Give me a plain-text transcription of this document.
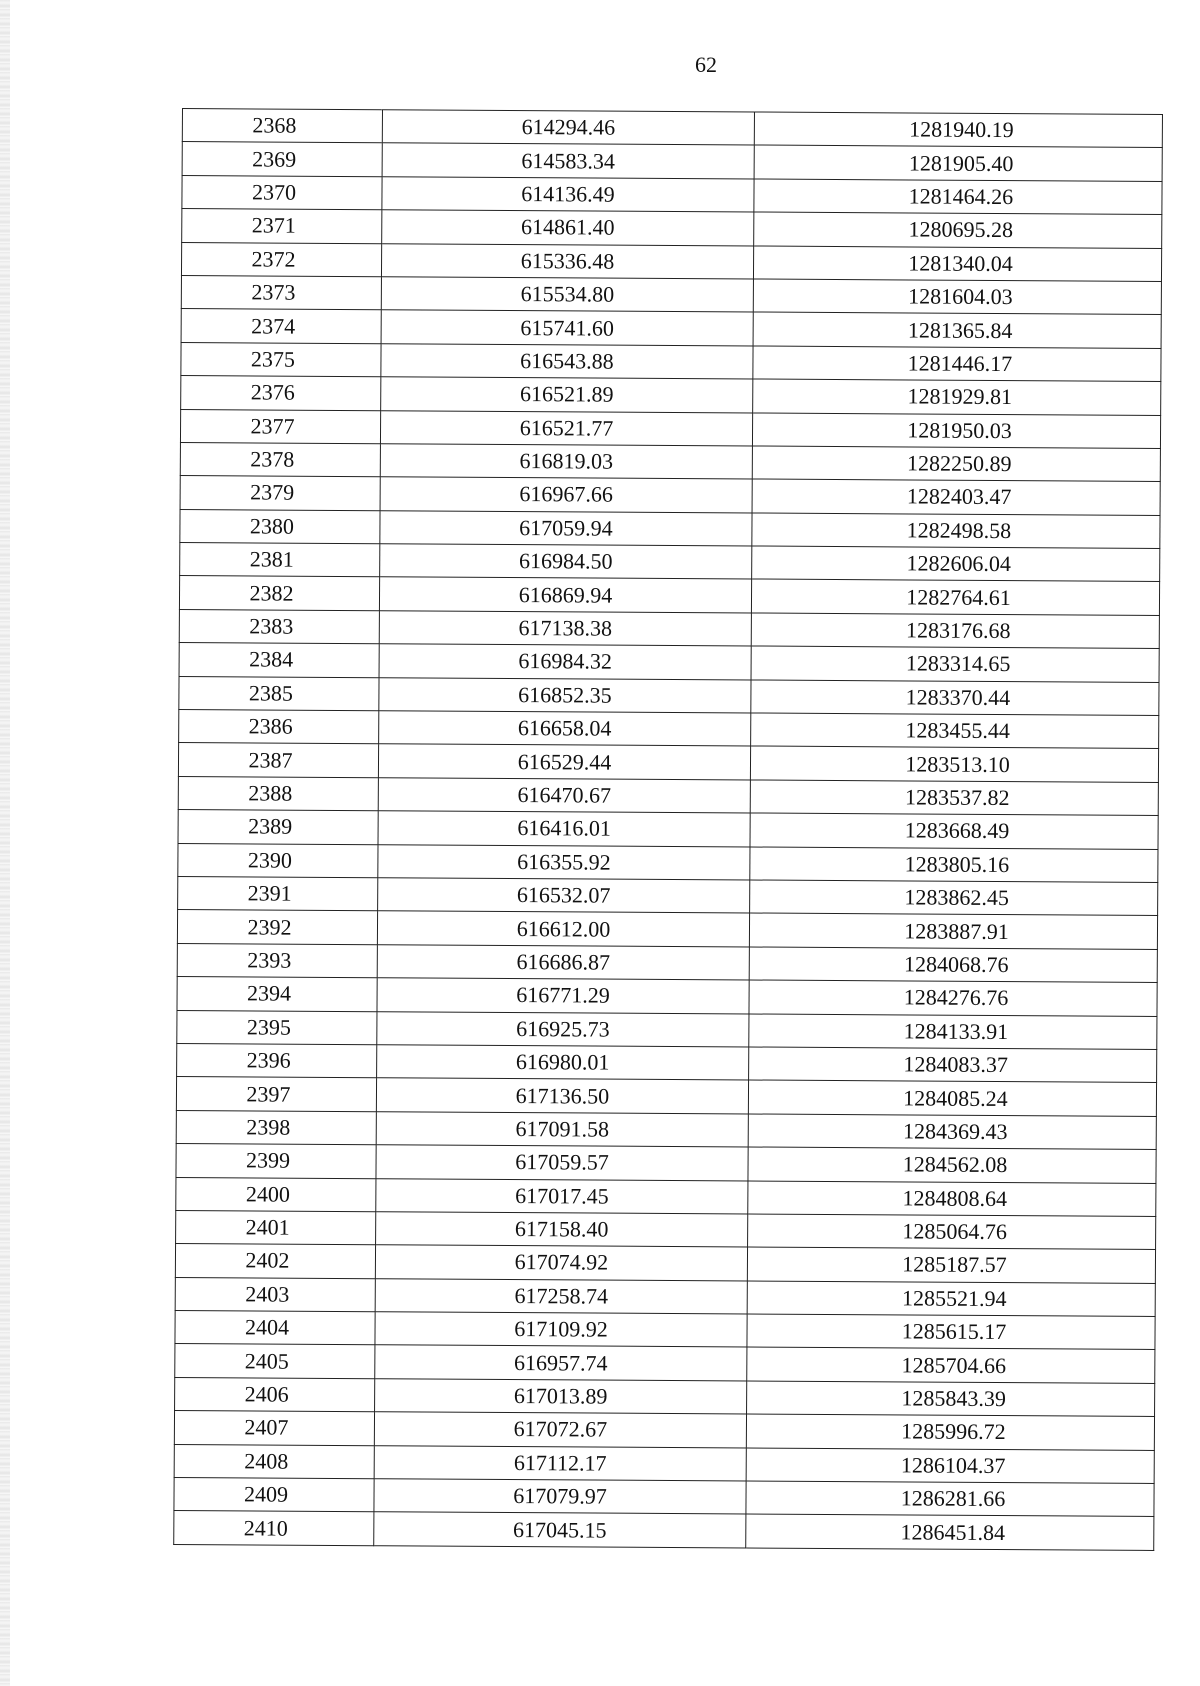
62
2368	614294.46	1281940.19
2369	614583.34	1281905.40
2370	614136.49	1281464.26
2371	614861.40	1280695.28
2372	615336.48	1281340.04
2373	615534.80	1281604.03
2374	615741.60	1281365.84
2375	616543.88	1281446.17
2376	616521.89	1281929.81
2377	616521.77	1281950.03
2378	616819.03	1282250.89
2379	616967.66	1282403.47
2380	617059.94	1282498.58
2381	616984.50	1282606.04
2382	616869.94	1282764.61
2383	617138.38	1283176.68
2384	616984.32	1283314.65
2385	616852.35	1283370.44
2386	616658.04	1283455.44
2387	616529.44	1283513.10
2388	616470.67	1283537.82
2389	616416.01	1283668.49
2390	616355.92	1283805.16
2391	616532.07	1283862.45
2392	616612.00	1283887.91
2393	616686.87	1284068.76
2394	616771.29	1284276.76
2395	616925.73	1284133.91
2396	616980.01	1284083.37
2397	617136.50	1284085.24
2398	617091.58	1284369.43
2399	617059.57	1284562.08
2400	617017.45	1284808.64
2401	617158.40	1285064.76
2402	617074.92	1285187.57
2403	617258.74	1285521.94
2404	617109.92	1285615.17
2405	616957.74	1285704.66
2406	617013.89	1285843.39
2407	617072.67	1285996.72
2408	617112.17	1286104.37
2409	617079.97	1286281.66
2410	617045.15	1286451.84
